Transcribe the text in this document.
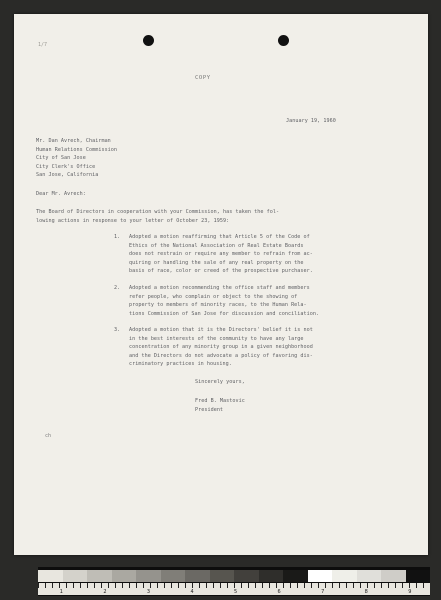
1/7

COPY

January 19, 1960

Mr. Dan Avrech, Chairman

Human Relations Commission

City of San Jose

City Clerk's Office

San Jose, California

Dear Mr. Avrech:

The Board of Directors in cooperation with your Commission, has taken the fol-

lowing actions in response to your letter of October 23, 1959:

1. Adopted a motion reaffirming that Article 5 of the Code of

Ethics of the National Association of Real Estate Boards

does not restrain or require any member to refrain from ac-

quiring or handling the sale of any real property on the

basis of race, color or creed of the prospective purchaser.

2. Adopted a motion recommending the office staff and members

refer people, who complain or object to the showing of

property to members of minority races, to the Human Rela-

tions Commission of San Jose for discussion and conciliation.

3. Adopted a motion that it is the Directors' belief it is not

in the best interests of the community to have any large

concentration of any minority group in a given neighborhood

and the Directors do not advocate a policy of favoring dis-

criminatory practices in housing.

Sincerely yours,

Fred B. Mastovic

President

ch

1	2	3	4	5	6	7	8	9
